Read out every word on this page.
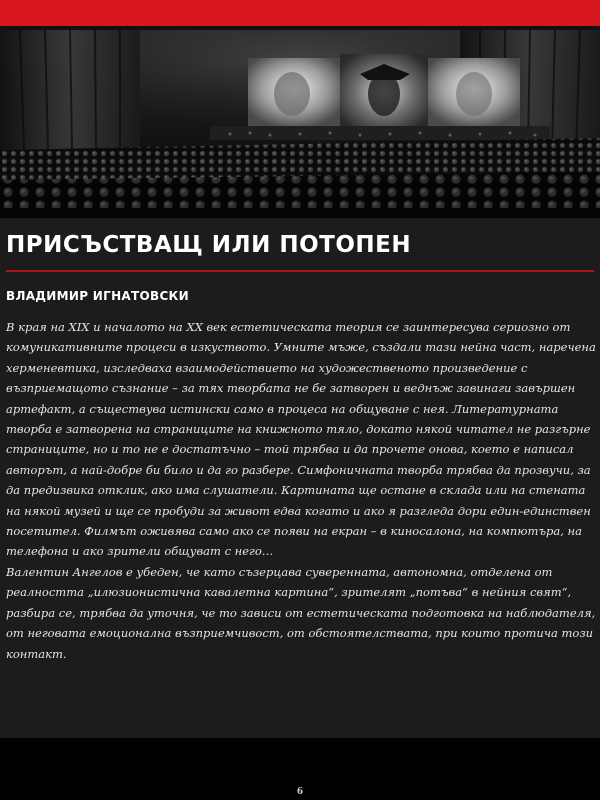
ПРИСЪСТВАЩ ИЛИ ПОТОПЕН

ВЛАДИМИР ИГНАТОВСКИ

В края на XIX и началото на XX век естетическата теория се заинтересува сериозно от комуникативните процеси в изкуството. Умните мъже, създали тази нейна част, наречена херменевтика, изследваха взаимодействието на художественото произведение с възприемащото съзнание – за тях творбата не бе затворен и веднъж завинаги завършен артефакт, а съществува истински само в процеса на общуване с нея. Литературната творба е затворена на страниците на книжното тяло, докато някой читател не разгърне страниците, но и то не е достатъчно – той трябва и да прочете онова, което е написал авторът, а най-добре би било и да го разбере. Симфоничната творба трябва да прозвучи, за да предизвика отклик, ако има слушатели. Картината ще остане в склада или на стената на някой музей и ще се пробуди за живот едва когато и ако я разгледа дори един-единствен посетител. Филмът оживява само ако се появи на екран – в киносалона, на компютъра, на телефона и ако зрители общуват с него…
Валентин Ангелов е убеден, че като съзерцава суверенната, автономна, отделена от реалността „илюзионистична кавалетна картина“, зрителят „потъва“ в нейния свят“, разбира се, трябва да уточня, че то зависи от естетическата подготовка на наблюдателя, от неговата емоционална възприемчивост, от обстоятелствата, при които протича този контакт.

6
